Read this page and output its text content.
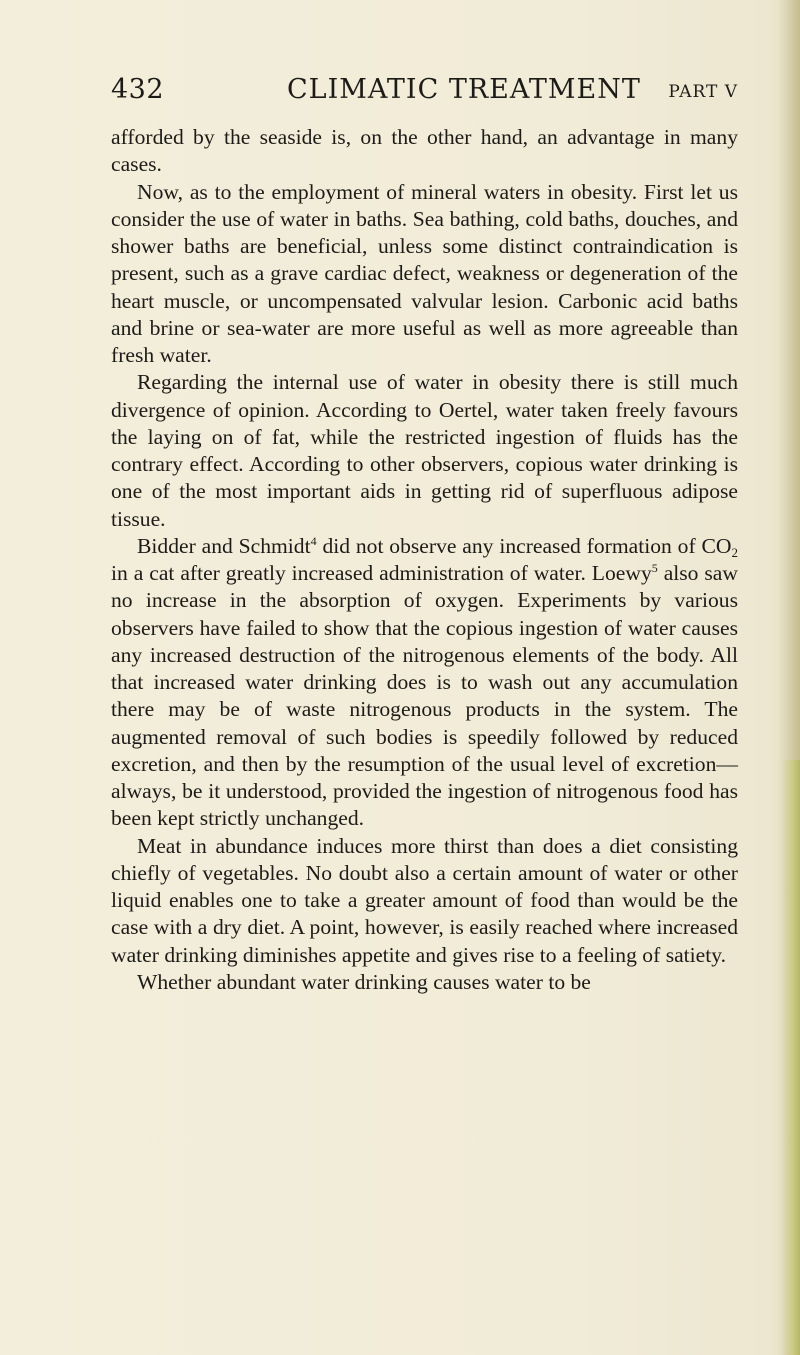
432	CLIMATIC TREATMENT PART V

afforded by the seaside is, on the other hand, an advantage in many cases.

Now, as to the employment of mineral waters in obesity. First let us consider the use of water in baths. Sea bathing, cold baths, douches, and shower baths are beneficial, unless some distinct contraindication is present, such as a grave cardiac defect, weakness or degeneration of the heart muscle, or uncompensated valvular lesion. Carbonic acid baths and brine or sea-water are more useful as well as more agreeable than fresh water.

Regarding the internal use of water in obesity there is still much divergence of opinion. According to Oertel, water taken freely favours the laying on of fat, while the restricted ingestion of fluids has the contrary effect. According to other observers, copious water drinking is one of the most important aids in getting rid of superfluous adipose tissue.

Bidder and Schmidt$^4$ did not observe any increased formation of $CO_2$ in a cat after greatly increased administration of water. Loewy$^5$ also saw no increase in the absorption of oxygen. Experiments by various observers have failed to show that the copious ingestion of water causes any increased destruction of the nitrogenous elements of the body. All that increased water drinking does is to wash out any accumulation there may be of waste nitrogenous products in the system. The augmented removal of such bodies is speedily followed by reduced excretion, and then by the resumption of the usual level of excretion— always, be it understood, provided the ingestion of nitrogenous food has been kept strictly unchanged.

Meat in abundance induces more thirst than does a diet consisting chiefly of vegetables. No doubt also a certain amount of water or other liquid enables one to take a greater amount of food than would be the case with a dry diet. A point, however, is easily reached where increased water drinking diminishes appetite and gives rise to a feeling of satiety.

Whether abundant water drinking causes water to be
